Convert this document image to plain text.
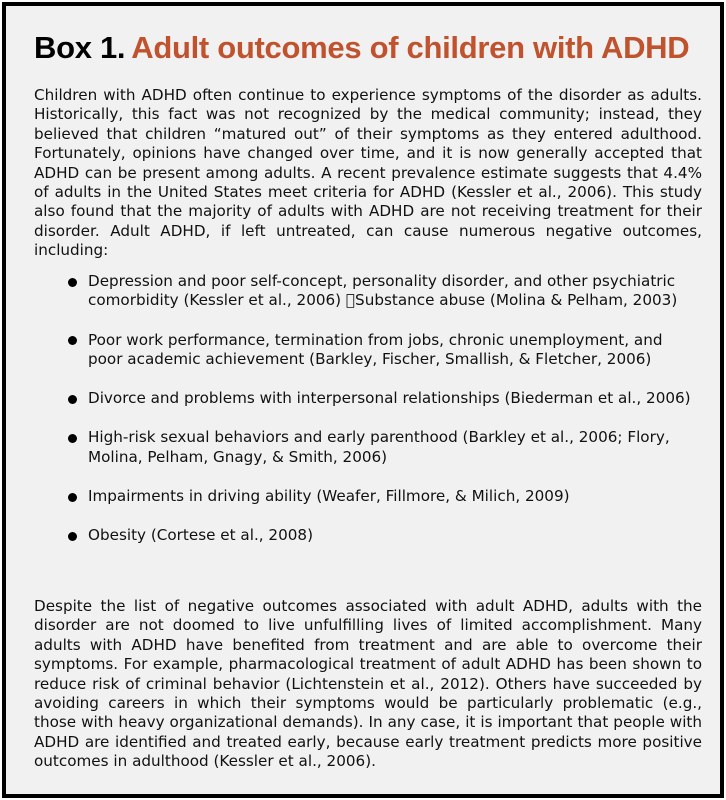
Box 1. Adult outcomes of children with ADHD

Children with ADHD often continue to experience symptoms of the disorder as adults. Historically, this fact was not recognized by the medical community; instead, they believed that children “matured out” of their symptoms as they entered adulthood. Fortunately, opinions have changed over time, and it is now generally accepted that ADHD can be present among adults. A recent prevalence estimate suggests that 4.4% of adults in the United States meet criteria for ADHD (Kessler et al., 2006). This study also found that the majority of adults with ADHD are not receiving treatment for their disorder. Adult ADHD, if left untreated, can cause numerous negative outcomes, including:

Depression and poor self-concept, personality disorder, and other psychiatric comorbidity (Kessler et al., 2006)  Substance abuse (Molina & Pelham, 2003)
Poor work performance, termination from jobs, chronic unemployment, and poor academic achievement (Barkley, Fischer, Smallish, & Fletcher, 2006)
Divorce and problems with interpersonal relationships (Biederman et al., 2006)
High-risk sexual behaviors and early parenthood (Barkley et al., 2006; Flory, Molina, Pelham, Gnagy, & Smith, 2006)
Impairments in driving ability (Weafer, Fillmore, & Milich, 2009)
Obesity (Cortese et al., 2008)

Despite the list of negative outcomes associated with adult ADHD, adults with the disorder are not doomed to live unfulfilling lives of limited accomplishment. Many adults with ADHD have benefited from treatment and are able to overcome their symptoms. For example, pharmacological treatment of adult ADHD has been shown to reduce risk of criminal behavior (Lichtenstein et al., 2012). Others have succeeded by avoiding careers in which their symptoms would be particularly problematic (e.g., those with heavy organizational demands). In any case, it is important that people with ADHD are identified and treated early, because early treatment predicts more positive outcomes in adulthood (Kessler et al., 2006).
